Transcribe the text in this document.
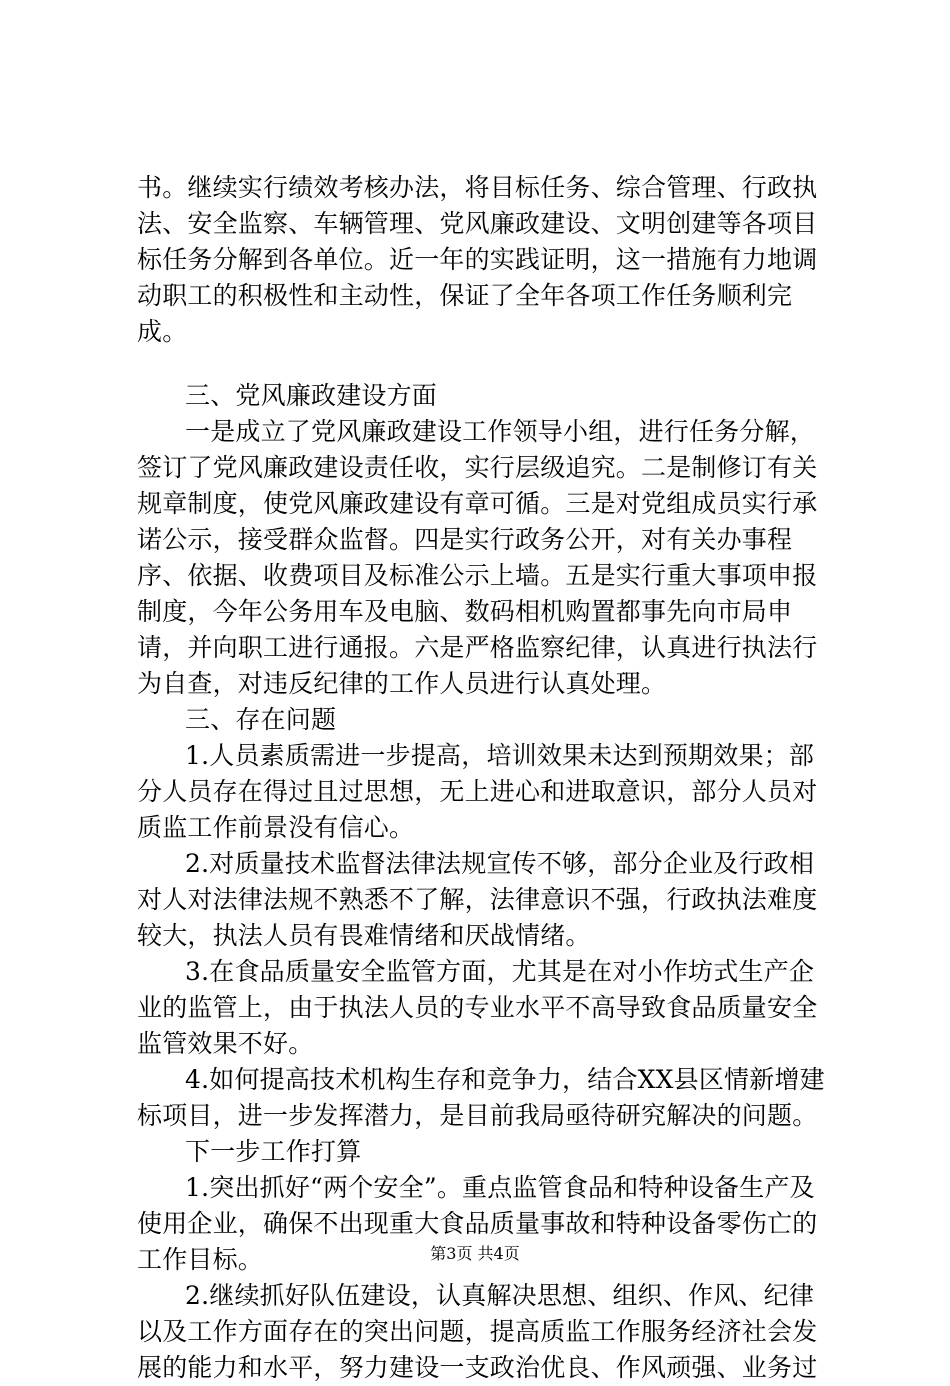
书。继续实行绩效考核办法，将目标任务、综合管理、行政执法、安全监察、车辆管理、党风廉政建设、文明创建等各项目标任务分解到各单位。近一年的实践证明，这一措施有力地调动职工的积极性和主动性，保证了全年各项工作任务顺利完成。

三、党风廉政建设方面

一是成立了党风廉政建设工作领导小组，进行任务分解，签订了党风廉政建设责任收，实行层级追究。二是制修订有关规章制度，使党风廉政建设有章可循。三是对党组成员实行承诺公示，接受群众监督。四是实行政务公开，对有关办事程序、依据、收费项目及标准公示上墙。五是实行重大事项申报制度，今年公务用车及电脑、数码相机购置都事先向市局申请，并向职工进行通报。六是严格监察纪律，认真进行执法行为自查，对违反纪律的工作人员进行认真处理。

三、存在问题

1.人员素质需进一步提高，培训效果未达到预期效果；部分人员存在得过且过思想，无上进心和进取意识，部分人员对质监工作前景没有信心。

2.对质量技术监督法律法规宣传不够，部分企业及行政相对人对法律法规不熟悉不了解，法律意识不强，行政执法难度较大，执法人员有畏难情绪和厌战情绪。

3.在食品质量安全监管方面，尤其是在对小作坊式生产企业的监管上，由于执法人员的专业水平不高导致食品质量安全监管效果不好。

4.如何提高技术机构生存和竞争力，结合XX县区情新增建标项目，进一步发挥潜力，是目前我局亟待研究解决的问题。

下一步工作打算

1.突出抓好“两个安全”。重点监管食品和特种设备生产及使用企业，确保不出现重大食品质量事故和特种设备零伤亡的工作目标。

2.继续抓好队伍建设，认真解决思想、组织、作风、纪律以及工作方面存在的突出问题，提高质监工作服务经济社会发展的能力和水平，努力建设一支政治优良、作风顽强、业务过

第3页 共4页
